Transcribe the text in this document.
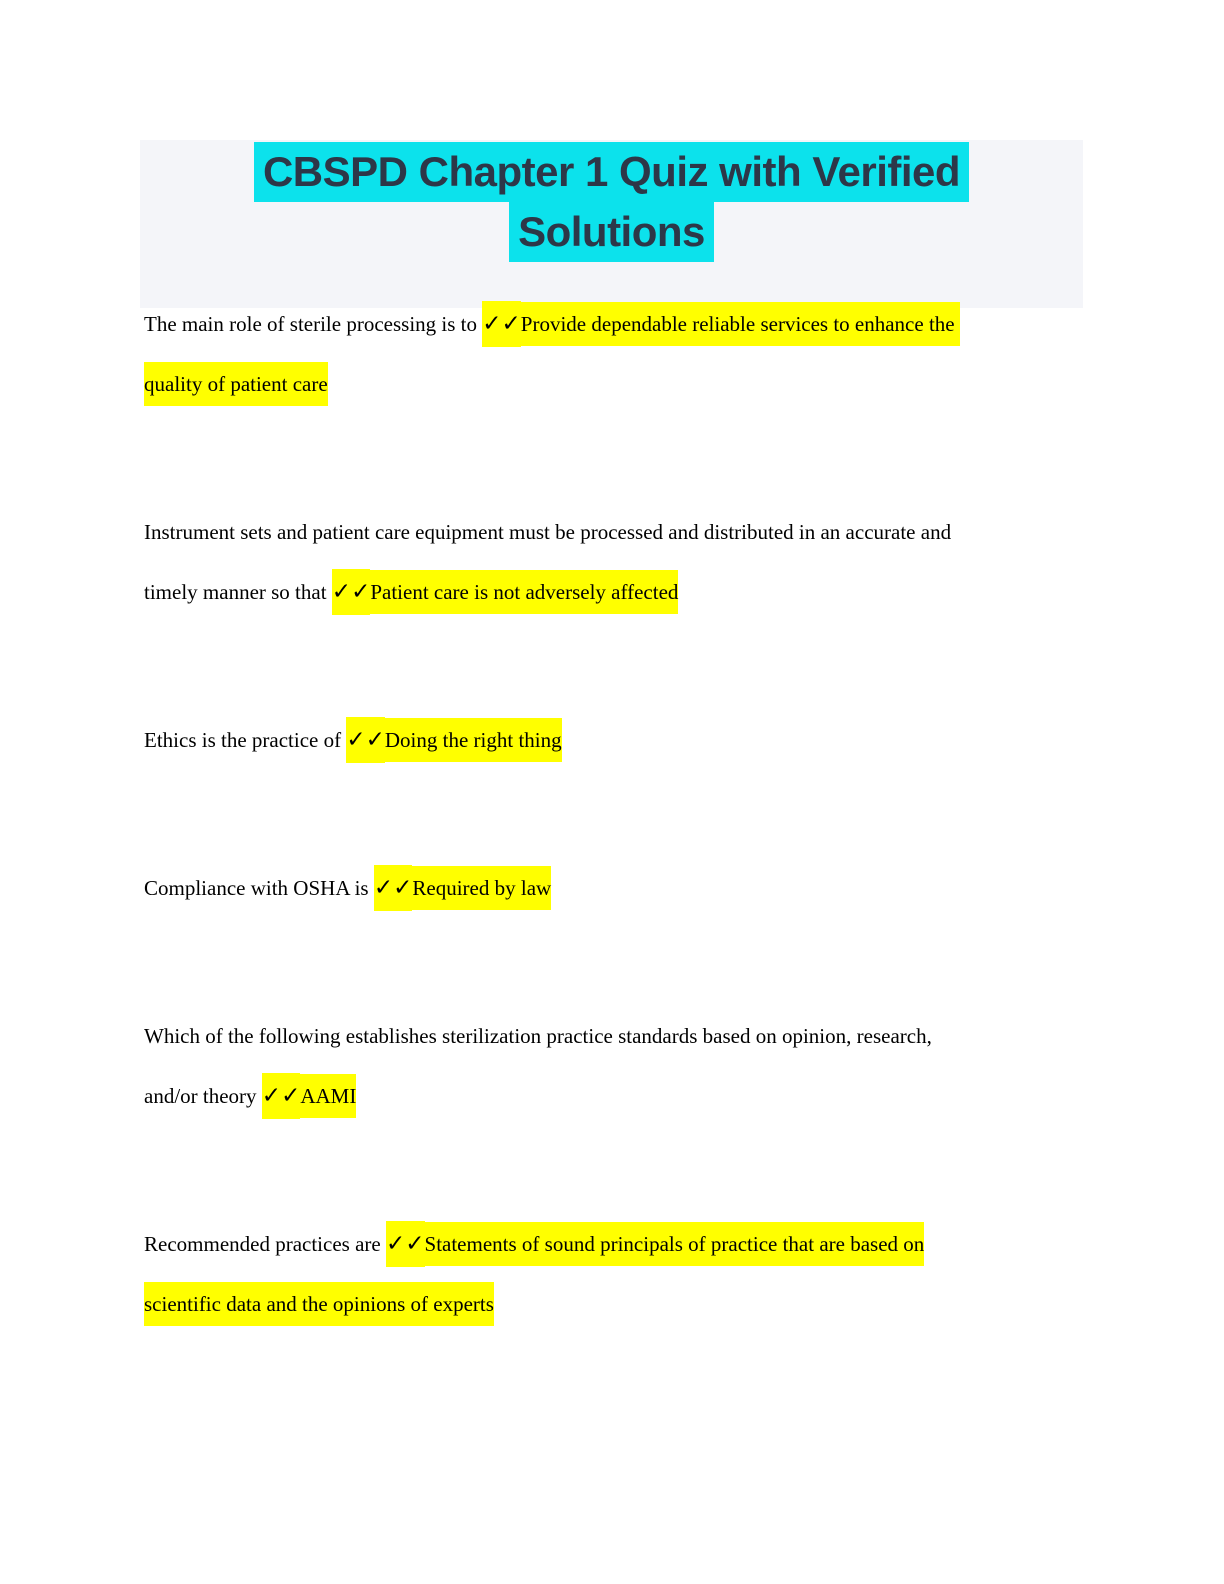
CBSPD Chapter 1 Quiz with Verified
Solutions
The main role of sterile processing is to ✓✓Provide dependable reliable services to enhance the
quality of patient care
Instrument sets and patient care equipment must be processed and distributed in an accurate and
timely manner so that ✓✓Patient care is not adversely affected
Ethics is the practice of ✓✓Doing the right thing
Compliance with OSHA is ✓✓Required by law
Which of the following establishes sterilization practice standards based on opinion, research,
and/or theory ✓✓AAMI
Recommended practices are ✓✓Statements of sound principals of practice that are based on
scientific data and the opinions of experts
